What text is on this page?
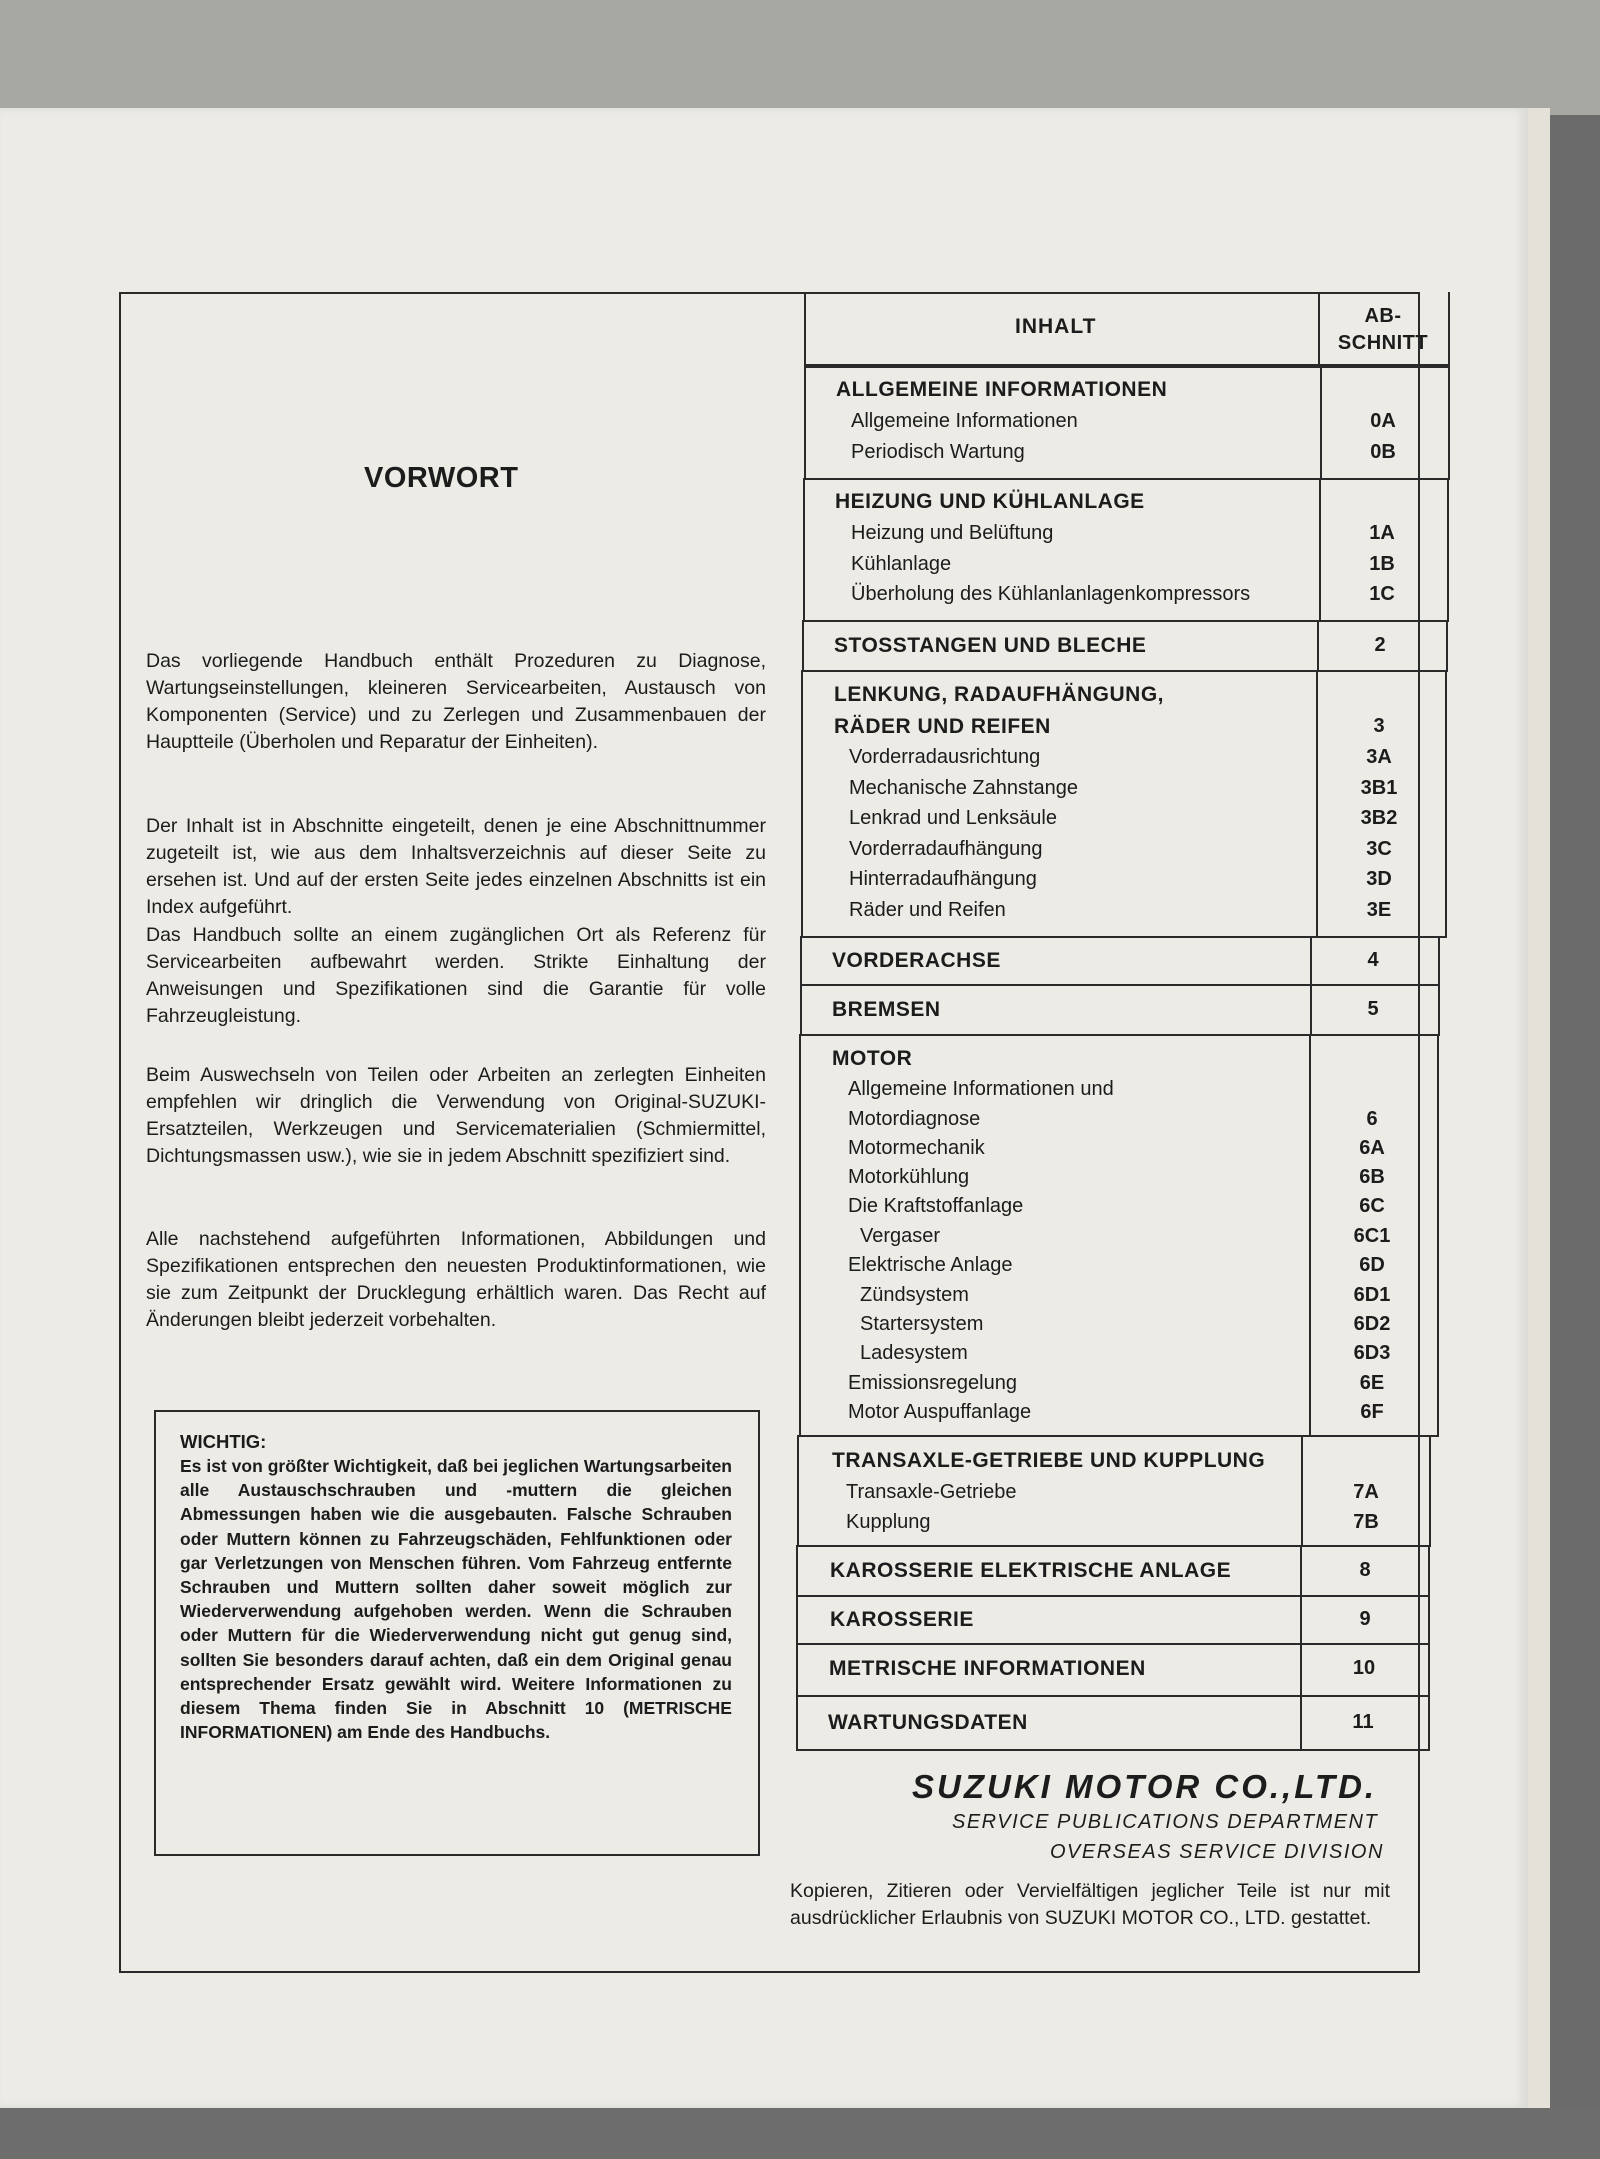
VORWORT
Das vorliegende Handbuch enthält Prozeduren zu Diagnose, Wartungseinstellungen, kleineren Servicearbeiten, Austausch von Komponenten (Service) und zu Zerlegen und Zusammenbauen der Hauptteile (Überholen und Reparatur der Einheiten).
Der Inhalt ist in Abschnitte eingeteilt, denen je eine Abschnittnummer zugeteilt ist, wie aus dem Inhaltsverzeichnis auf dieser Seite zu ersehen ist. Und auf der ersten Seite jedes einzelnen Abschnitts ist ein Index aufgeführt.
Das Handbuch sollte an einem zugänglichen Ort als Referenz für Servicearbeiten aufbewahrt werden. Strikte Einhaltung der Anweisungen und Spezifikationen sind die Garantie für volle Fahrzeugleistung.
Beim Auswechseln von Teilen oder Arbeiten an zerlegten Einheiten empfehlen wir dringlich die Verwendung von Original-SUZUKI-Ersatzteilen, Werkzeugen und Servicematerialien (Schmiermittel, Dichtungsmassen usw.), wie sie in jedem Abschnitt spezifiziert sind.
Alle nachstehend aufgeführten Informationen, Abbildungen und Spezifikationen entsprechen den neuesten Produktinformationen, wie sie zum Zeitpunkt der Drucklegung erhältlich waren. Das Recht auf Änderungen bleibt jederzeit vorbehalten.
WICHTIG:
Es ist von größter Wichtigkeit, daß bei jeglichen Wartungsarbeiten alle Austauschschrauben und -muttern die gleichen Abmessungen haben wie die ausgebauten. Falsche Schrauben oder Muttern können zu Fahrzeugschäden, Fehlfunktionen oder gar Verletzungen von Menschen führen. Vom Fahrzeug entfernte Schrauben und Muttern sollten daher soweit möglich zur Wiederverwendung aufgehoben werden. Wenn die Schrauben oder Muttern für die Wiederverwendung nicht gut genug sind, sollten Sie besonders darauf achten, daß ein dem Original genau entsprechender Ersatz gewählt wird. Weitere Informationen zu diesem Thema finden Sie in Abschnitt 10 (METRISCHE INFORMATIONEN) am Ende des Handbuchs.
INHALT	AB-
SCHNITT
ALLGEMEINE INFORMATIONEN
Allgemeine Informationen	0A
Periodisch Wartung	0B
HEIZUNG UND KÜHLANLAGE
Heizung und Belüftung	1A
Kühlanlage	1B
Überholung des Kühlanlanlagenkompressors	1C
STOSSTANGEN UND BLECHE	2
LENKUNG, RADAUFHÄNGUNG,
RÄDER UND REIFEN	3
Vorderradausrichtung	3A
Mechanische Zahnstange	3B1
Lenkrad und Lenksäule	3B2
Vorderradaufhängung	3C
Hinterradaufhängung	3D
Räder und Reifen	3E
VORDERACHSE	4
BREMSEN	5
MOTOR
Allgemeine Informationen und
Motordiagnose	6
Motormechanik	6A
Motorkühlung	6B
Die Kraftstoffanlage	6C
Vergaser	6C1
Elektrische Anlage	6D
Zündsystem	6D1
Startersystem	6D2
Ladesystem	6D3
Emissionsregelung	6E
Motor Auspuffanlage	6F
TRANSAXLE-GETRIEBE UND KUPPLUNG
Transaxle-Getriebe	7A
Kupplung	7B
KAROSSERIE ELEKTRISCHE ANLAGE	8
KAROSSERIE	9
METRISCHE INFORMATIONEN	10
WARTUNGSDATEN	11
SUZUKI MOTOR CO.,LTD.
SERVICE PUBLICATIONS DEPARTMENT
OVERSEAS SERVICE DIVISION
Kopieren, Zitieren oder Vervielfältigen jeglicher Teile ist nur mit ausdrücklicher Erlaubnis von SUZUKI MOTOR CO., LTD. gestattet.
